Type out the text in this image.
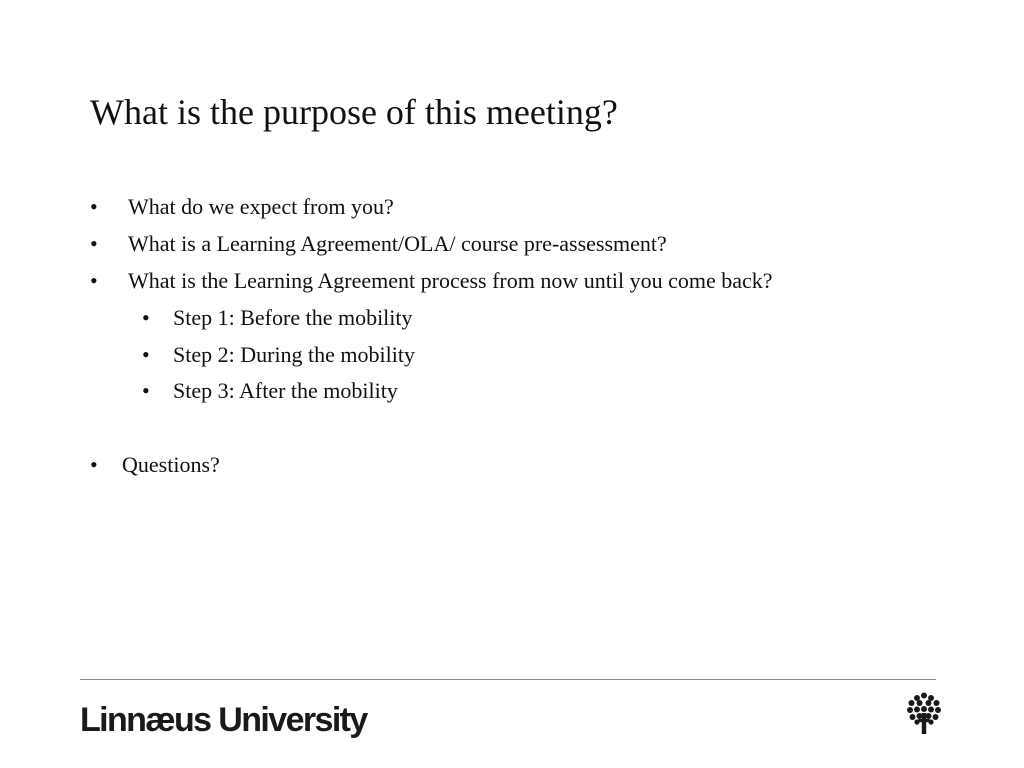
What is the purpose of this meeting?
• What do we expect from you?
• What is a Learning Agreement/OLA/ course pre-assessment?
• What is the Learning Agreement process from now until you come back?
• Step 1: Before the mobility
• Step 2: During the mobility
• Step 3: After the mobility
• Questions?
Linnæus University
